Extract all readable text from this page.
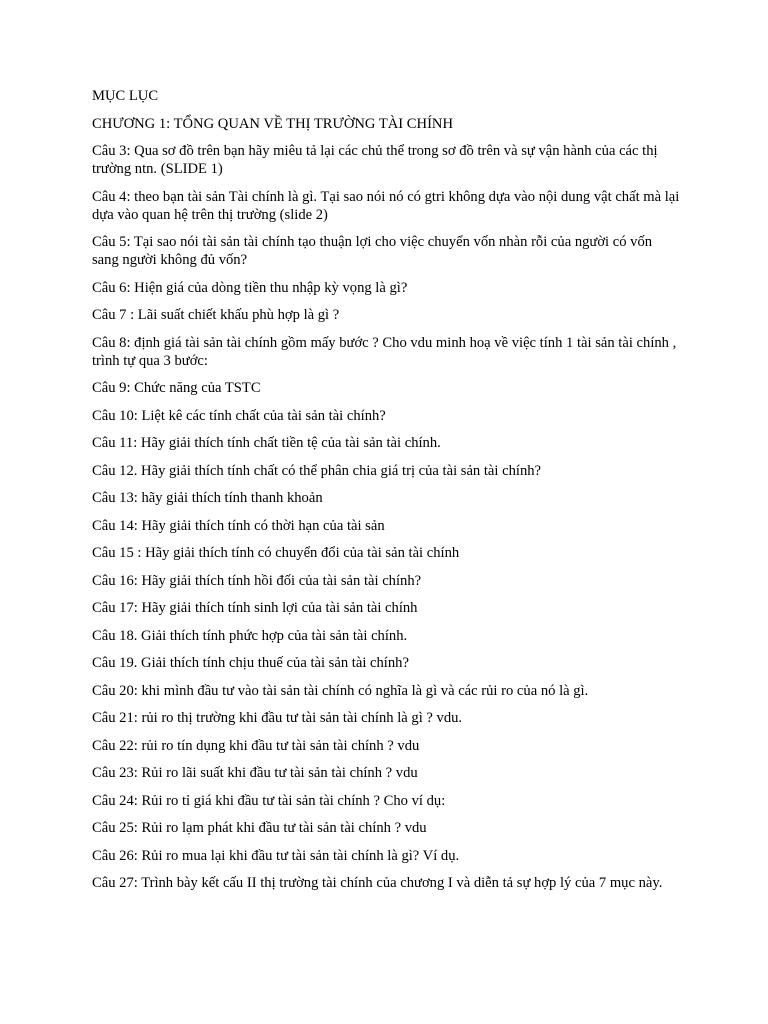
MỤC LỤC

CHƯƠNG 1: TỔNG QUAN VỀ THỊ TRƯỜNG TÀI CHÍNH

Câu 3: Qua sơ đồ trên bạn hãy miêu tả lại các chủ thể trong sơ đồ trên và sự vận hành của các thị trường ntn. (SLIDE 1)

Câu 4: theo bạn tài sản Tài chính là gì. Tại sao nói nó có gtri không dựa vào nội dung vật chất mà lại dựa vào quan hệ trên thị trường (slide 2)

Câu 5: Tại sao nói tài sản tài chính tạo thuận lợi cho việc chuyển vốn nhàn rỗi của người có vốn sang người không đủ vốn?

Câu 6: Hiện giá của dòng tiền thu nhập kỳ vọng là gì?

Câu 7 : Lãi suất chiết khấu phù hợp là gì ?

Câu 8: định giá tài sản tài chính gồm mấy bước ? Cho vdu minh hoạ về việc tính 1 tài sản tài chính , trình tự qua 3 bước:

Câu 9: Chức năng của TSTC

Câu 10: Liệt kê các tính chất của tài sản tài chính?

Câu 11: Hãy giải thích tính chất tiền tệ của tài sản tài chính.

Câu 12. Hãy giải thích tính chất có thể phân chia giá trị của tài sản tài chính?

Câu 13: hãy giải thích tính thanh khoản

Câu 14: Hãy giải thích tính có thời hạn của tài sản

Câu 15 : Hãy giải thích tính có chuyển đổi của tài sản tài chính

Câu 16: Hãy giải thích tính hồi đối của tài sản tài chính?

Câu 17: Hãy giải thích tính sinh lợi của tài sản tài chính

Câu 18. Giải thích tính phức hợp của tài sản tài chính.

Câu 19. Giải thích tính chịu thuế của tài sản tài chính?

Câu 20: khi mình đầu tư vào tài sản tài chính có nghĩa là gì và các rủi ro của nó là gì.

Câu 21: rủi ro thị trường khi đầu tư tài sản tài chính là gì ? vdu.

Câu 22: rủi ro tín dụng khi đầu tư tài sản tài chính ? vdu

Câu 23: Rủi ro lãi suất khi đầu tư tài sản tài chính ? vdu

Câu 24: Rủi ro tỉ giá khi đầu tư tài sản tài chính ? Cho ví dụ:

Câu 25: Rủi ro lạm phát khi đầu tư tài sản tài chính ? vdu

Câu 26: Rủi ro mua lại khi đầu tư tài sản tài chính là gì? Ví dụ.

Câu 27: Trình bày kết cấu II thị trường tài chính của chương I và diễn tả sự hợp lý của 7 mục này.
